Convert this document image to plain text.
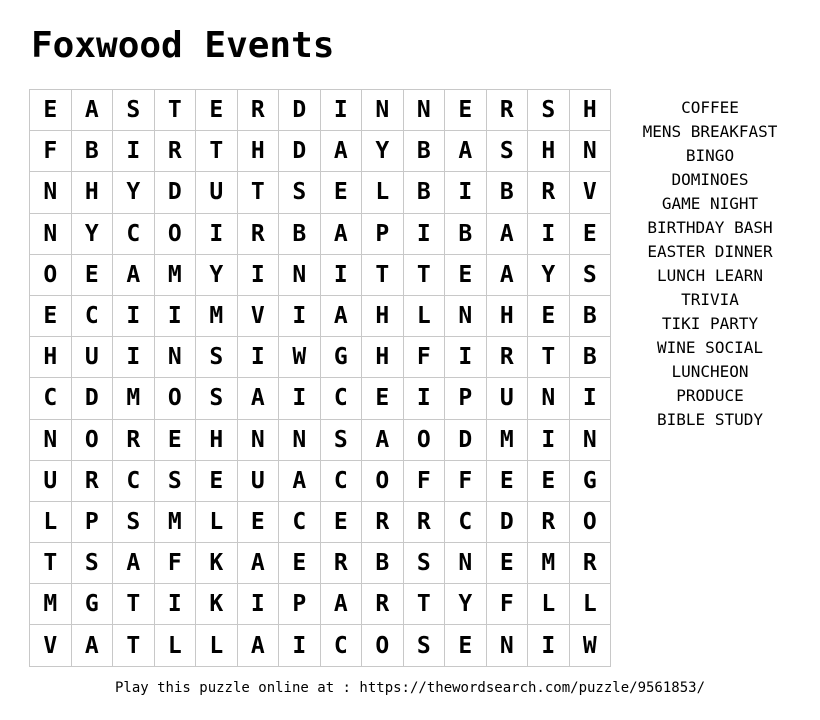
Foxwood Events
E	A	S	T	E	R	D	I	N	N	E	R	S	H
F	B	I	R	T	H	D	A	Y	B	A	S	H	N
N	H	Y	D	U	T	S	E	L	B	I	B	R	V
N	Y	C	O	I	R	B	A	P	I	B	A	I	E
O	E	A	M	Y	I	N	I	T	T	E	A	Y	S
E	C	I	I	M	V	I	A	H	L	N	H	E	B
H	U	I	N	S	I	W	G	H	F	I	R	T	B
C	D	M	O	S	A	I	C	E	I	P	U	N	I
N	O	R	E	H	N	N	S	A	O	D	M	I	N
U	R	C	S	E	U	A	C	O	F	F	E	E	G
L	P	S	M	L	E	C	E	R	R	C	D	R	O
T	S	A	F	K	A	E	R	B	S	N	E	M	R
M	G	T	I	K	I	P	A	R	T	Y	F	L	L
V	A	T	L	L	A	I	C	O	S	E	N	I	W
COFFEE
MENS BREAKFAST
BINGO
DOMINOES
GAME NIGHT
BIRTHDAY BASH
EASTER DINNER
LUNCH LEARN
TRIVIA
TIKI PARTY
WINE SOCIAL
LUNCHEON
PRODUCE
BIBLE STUDY
Play this puzzle online at : https://thewordsearch.com/puzzle/9561853/
